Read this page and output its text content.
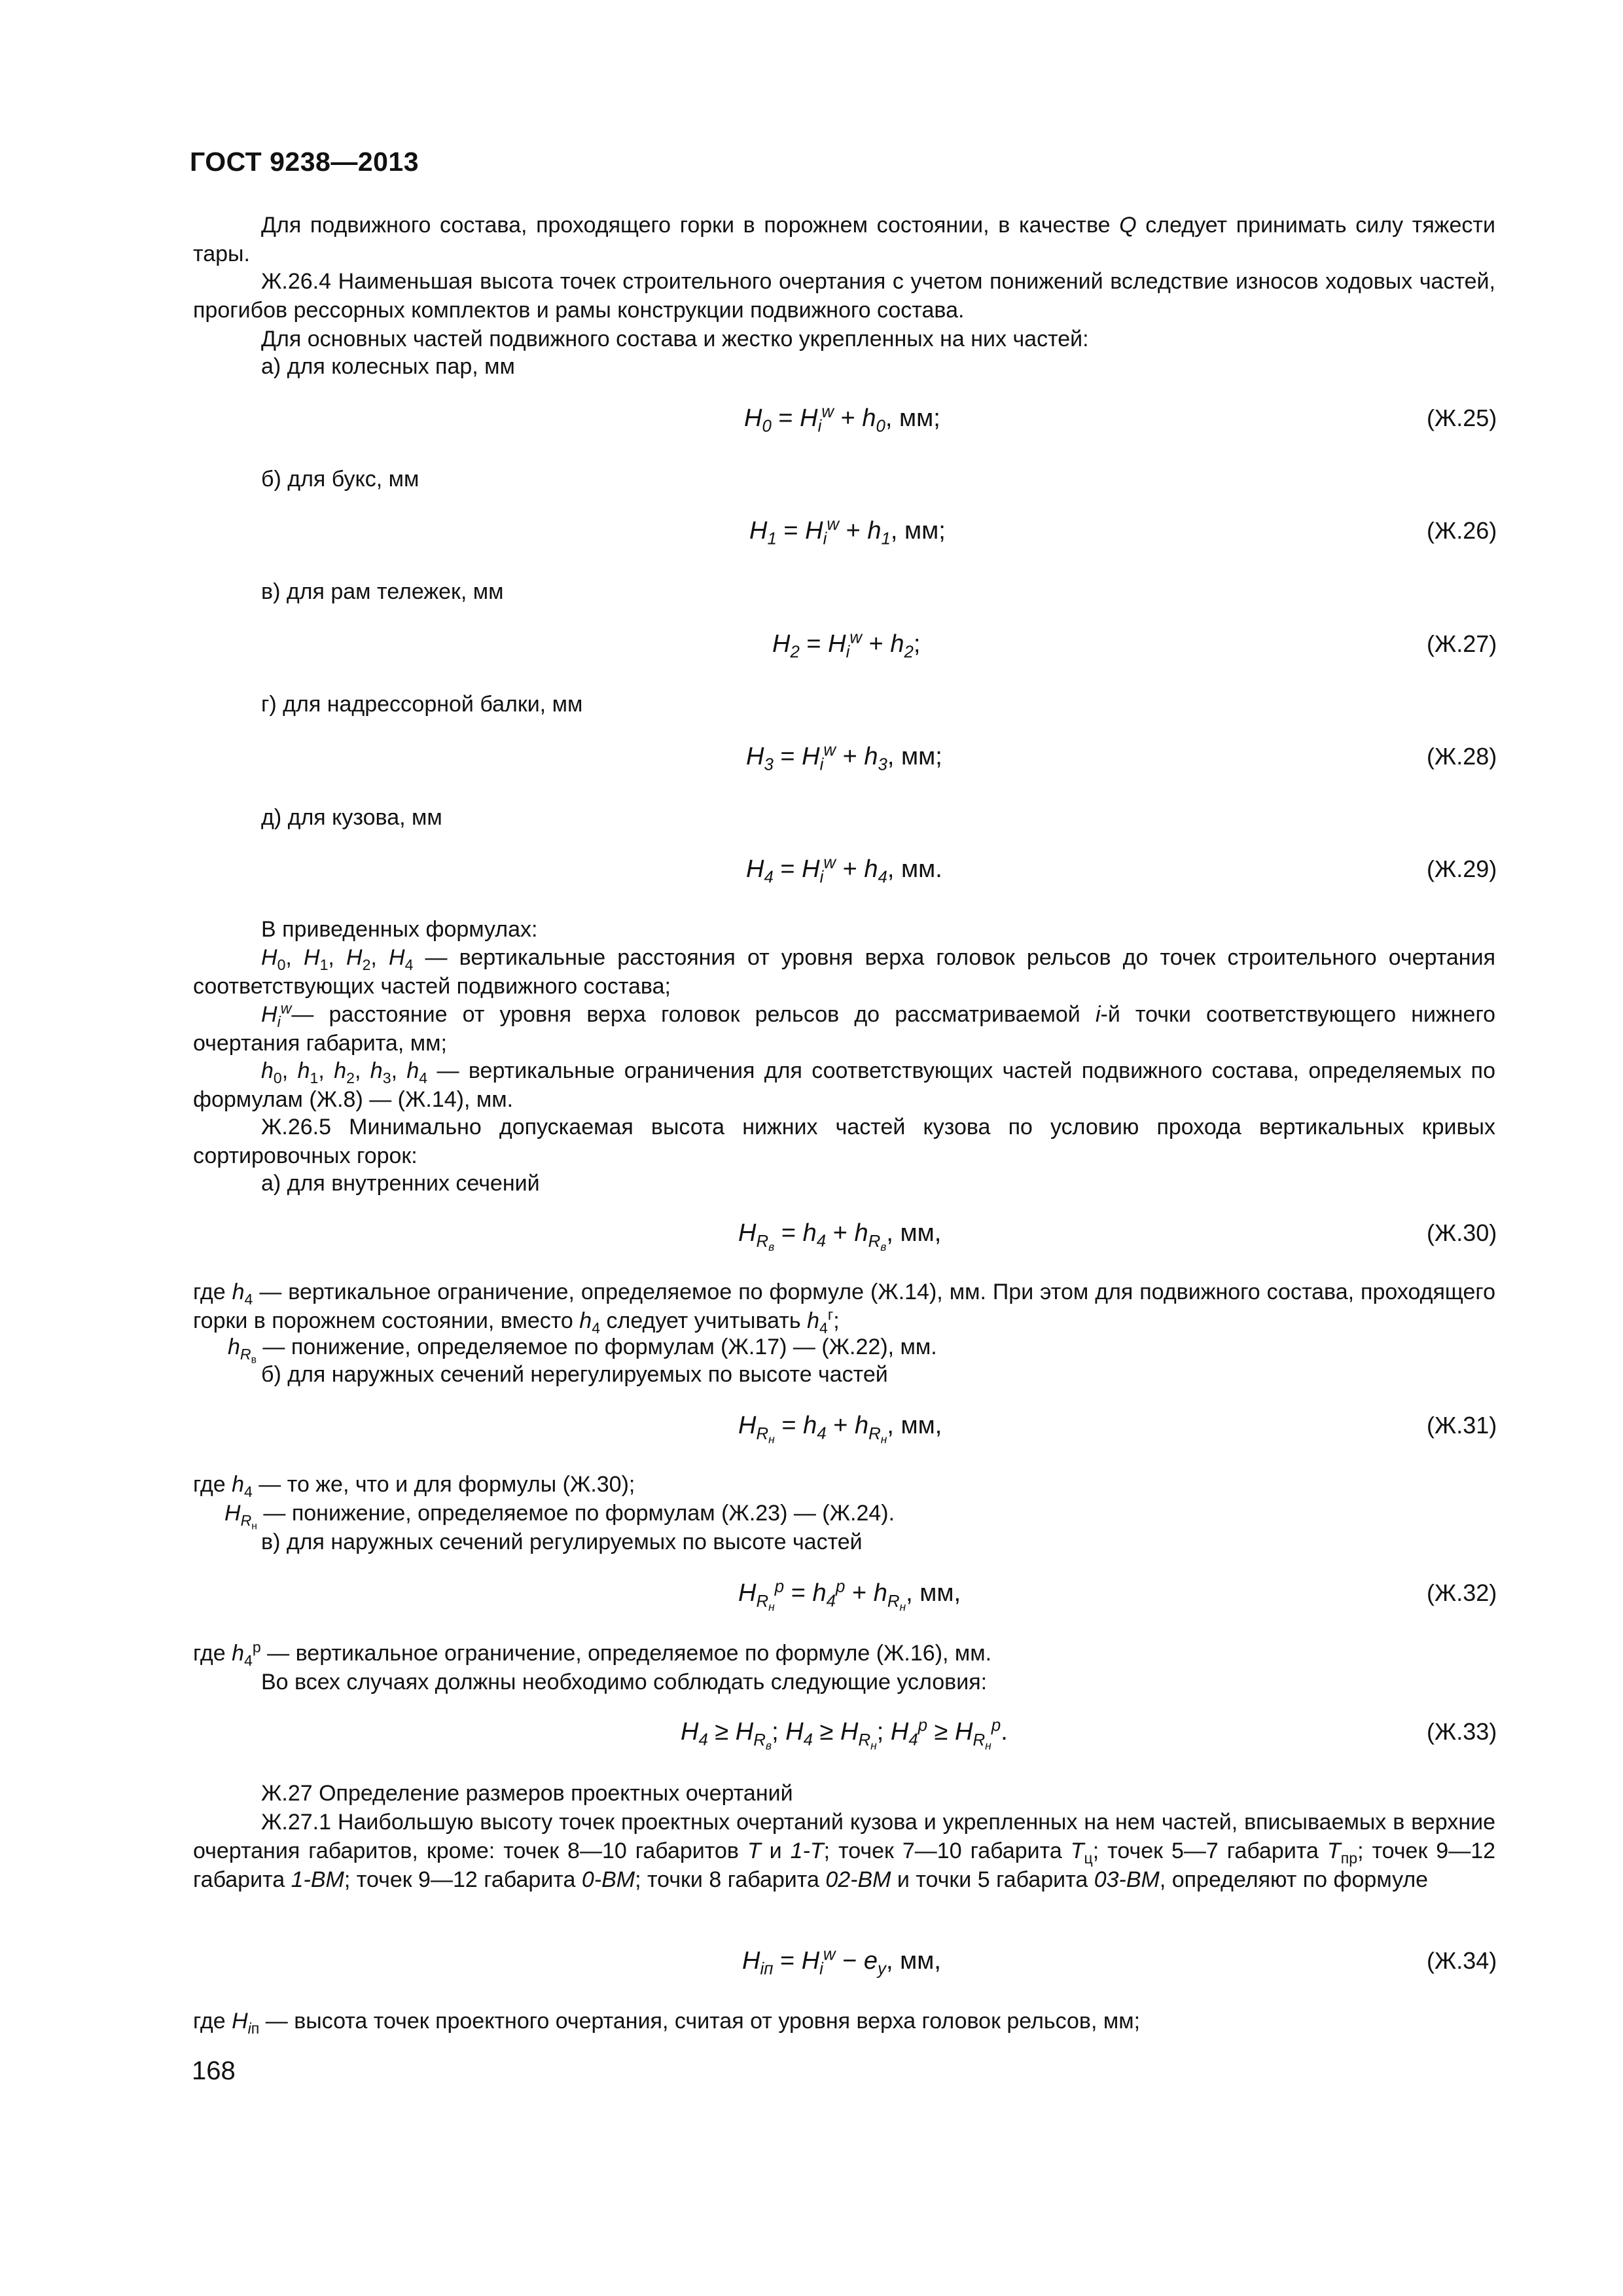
ГОСТ 9238—2013

Для подвижного состава, проходящего горки в порожнем состоянии, в качестве Q следует принимать силу тяжести тары.

Ж.26.4 Наименьшая высота точек строительного очертания с учетом понижений вследствие износов ходовых частей, прогибов рессорных комплектов и рамы конструкции подвижного состава.

Для основных частей подвижного состава и жестко укрепленных на них частей:

а) для колесных пар, мм

$H_0 = H_i^w + h_0$, мм;	(Ж.25)

б) для букс, мм

$H_1 = H_i^w + h_1$, мм;	(Ж.26)

в) для рам тележек, мм

$H_2 = H_i^w + h_2$;	(Ж.27)

г) для надрессорной балки, мм

$H_3 = H_i^w + h_3$, мм;	(Ж.28)

д) для кузова, мм

$H_4 = H_i^w + h_4$, мм.	(Ж.29)

В приведенных формулах:

$H_0$, $H_1$, $H_2$, $H_4$ — вертикальные расстояния от уровня верха головок рельсов до точек строительного очертания соответствующих частей подвижного состава;

$H_i^w—$ расстояние от уровня верха головок рельсов до рассматриваемой i-й точки соответствующего нижнего очертания габарита, мм;

$h_0$, $h_1$, $h_2$, $h_3$, $h_4$ — вертикальные ограничения для соответствующих частей подвижного состава, определяемых по формулам (Ж.8) — (Ж.14), мм.

Ж.26.5 Минимально допускаемая высота нижних частей кузова по условию прохода вертикальных кривых сортировочных горок:

а) для внутренних сечений

$H_{R_в} = h_4 + h_{R_в}$, мм,	(Ж.30)

где $h_4$ — вертикальное ограничение, определяемое по формуле (Ж.14), мм. При этом для подвижного состава, проходящего горки в порожнем состоянии, вместо $h_4$ следует учитывать $h_4^г$;

$h_{R_в}$ — понижение, определяемое по формулам (Ж.17) — (Ж.22), мм.

б) для наружных сечений нерегулируемых по высоте частей

$H_{R_н} = h_4 + h_{R_н}$, мм,	(Ж.31)

где $h_4$ — то же, что и для формулы (Ж.30);

$H_{R_н}$ — понижение, определяемое по формулам (Ж.23) — (Ж.24).

в) для наружных сечений регулируемых по высоте частей

$H_{R_н}^р = h_4^р + h_{R_н}$, мм,	(Ж.32)

где $h_4^р$ — вертикальное ограничение, определяемое по формуле (Ж.16), мм.

Во всех случаях должны необходимо соблюдать следующие условия:

$H_4 \ge H_{R_в}$; $H_4 \ge H_{R_н}$; $H_4^р \ge H_{R_н}^р$.	(Ж.33)

Ж.27 Определение размеров проектных очертаний

Ж.27.1 Наибольшую высоту точек проектных очертаний кузова и укрепленных на нем частей, вписываемых в верхние очертания габаритов, кроме: точек 8—10 габаритов Т и 1-Т; точек 7—10 габарита $Т_ц$; точек 5—7 габарита $Т_{пр}$; точек 9—12 габарита 1-ВМ; точек 9—12 габарита 0-ВМ; точки 8 габарита 02-ВМ и точки 5 габарита 03-ВМ, определяют по формуле

$H_{iп} = H_i^w - e_y$, мм,	(Ж.34)

где $H_{iп}$ — высота точек проектного очертания, считая от уровня верха головок рельсов, мм;

168
